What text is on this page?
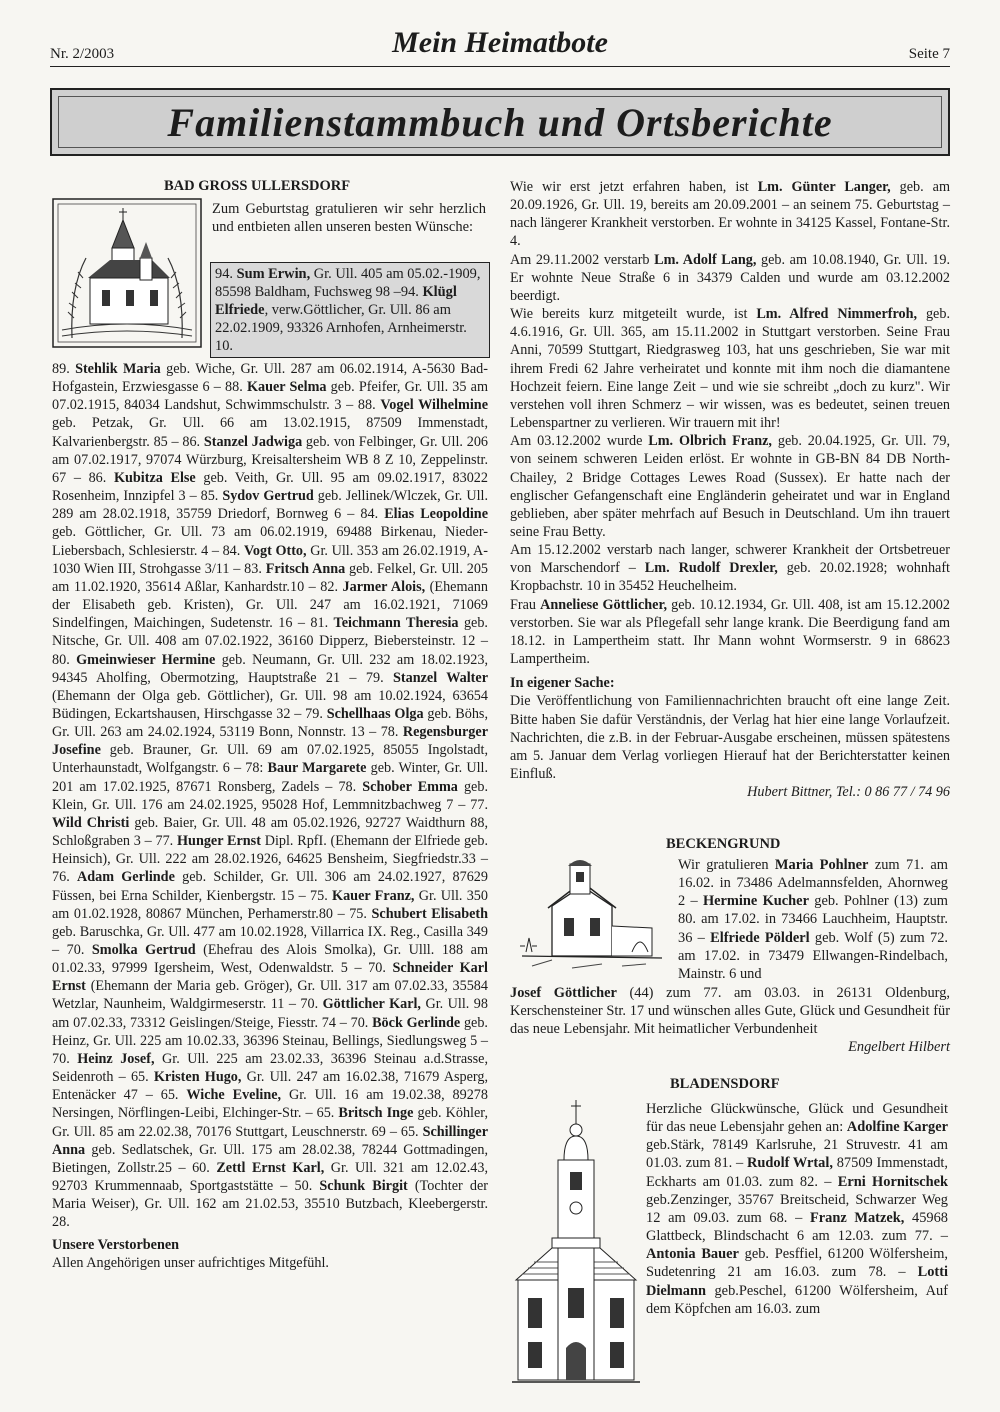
Nr. 2/2003	Mein Heimatbote	Seite 7
Familienstammbuch und Ortsberichte
BAD GROSS ULLERSDORF
Zum Geburtstag gratulieren wir sehr herzlich und entbieten allen unseren besten Wünsche:
94. Sum Erwin, Gr. Ull. 405 am 05.02.-1909, 85598 Baldham, Fuchsweg 98 –94. Klügl Elfriede, verw.Göttlicher, Gr. Ull. 86 am 22.02.1909, 93326 Arnhofen, Arnheimerstr. 10.

89. Stehlik Maria geb. Wiche, Gr. Ull. 287 am 06.02.1914, A-5630 Bad-Hofgastein, Erzwiesgasse 6 – 88. Kauer Selma geb. Pfeifer, Gr. Ull. 35 am 07.02.1915, 84034 Landshut, Schwimmschulstr. 3 – 88. Vogel Wilhelmine geb. Petzak, Gr. Ull. 66 am 13.02.1915, 87509 Immenstadt, Kalvarienbergstr. 85 – 86. Stanzel Jadwiga geb. von Felbinger, Gr. Ull. 206 am 07.02.1917, 97074 Würzburg, Kreisaltersheim WB 8 Z 10, Zeppelinstr. 67 – 86. Kubitza Else geb. Veith, Gr. Ull. 95 am 09.02.1917, 83022 Rosenheim, Innzipfel 3 – 85. Sydov Gertrud geb. Jellinek/Wlczek, Gr. Ull. 289 am 28.02.1918, 35759 Driedorf, Bornweg 6 – 84. Elias Leopoldine geb. Göttlicher, Gr. Ull. 73 am 06.02.1919, 69488 Birkenau, Nieder-Liebersbach, Schlesierstr. 4 – 84. Vogt Otto, Gr. Ull. 353 am 26.02.1919, A-1030 Wien III, Strohgasse 3/11 – 83. Fritsch Anna geb. Felkel, Gr. Ull. 205 am 11.02.1920, 35614 Aßlar, Kanhardstr.10 – 82. Jarmer Alois, (Ehemann der Elisabeth geb. Kristen), Gr. Ull. 247 am 16.02.1921, 71069 Sindelfingen, Maichingen, Sudetenstr. 16 – 81. Teichmann Theresia geb. Nitsche, Gr. Ull. 408 am 07.02.1922, 36160 Dipperz, Biebersteinstr. 12 – 80. Gmeinwieser Hermine geb. Neumann, Gr. Ull. 232 am 18.02.1923, 94345 Aholfing, Obermotzing, Hauptstraße 21 – 79. Stanzel Walter (Ehemann der Olga geb. Göttlicher), Gr. Ull. 98 am 10.02.1924, 63654 Büdingen, Eckartshausen, Hirschgasse 32 – 79. Schellhaas Olga geb. Böhs, Gr. Ull. 263 am 24.02.1924, 53119 Bonn, Nonnstr. 13 – 78. Regensburger Josefine geb. Brauner, Gr. Ull. 69 am 07.02.1925, 85055 Ingolstadt, Unterhaunstadt, Wolfgangstr. 6 – 78: Baur Margarete geb. Winter, Gr. Ull. 201 am 17.02.1925, 87671 Ronsberg, Zadels – 78. Schober Emma geb. Klein, Gr. Ull. 176 am 24.02.1925, 95028 Hof, Lemmnitzbachweg 7 – 77. Wild Christi geb. Baier, Gr. Ull. 48 am 05.02.1926, 92727 Waidthurn 88, Schloßgraben 3 – 77. Hunger Ernst Dipl. RpfI. (Ehemann der Elfriede geb. Heinsich), Gr. Ull. 222 am 28.02.1926, 64625 Bensheim, Siegfriedstr.33 – 76. Adam Gerlinde geb. Schilder, Gr. Ull. 306 am 24.02.1927, 87629 Füssen, bei Erna Schilder, Kienbergstr. 15 – 75. Kauer Franz, Gr. Ull. 350 am 01.02.1928, 80867 München, Perhamerstr.80 – 75. Schubert Elisabeth geb. Baruschka, Gr. Ull. 477 am 10.02.1928, Villarrica IX. Reg., Casilla 349 – 70. Smolka Gertrud (Ehefrau des Alois Smolka), Gr. Ulll. 188 am 01.02.33, 97999 Igersheim, West, Odenwaldstr. 5 – 70. Schneider Karl Ernst (Ehemann der Maria geb. Gröger), Gr. Ull. 317 am 07.02.33, 35584 Wetzlar, Naunheim, Waldgirmeserstr. 11 – 70. Göttlicher Karl, Gr. Ull. 98 am 07.02.33, 73312 Geislingen/Steige, Fiesstr. 74 – 70. Böck Gerlinde geb. Heinz, Gr. Ull. 225 am 10.02.33, 36396 Steinau, Bellings, Siedlungsweg 5 – 70. Heinz Josef, Gr. Ull. 225 am 23.02.33, 36396 Steinau a.d.Strasse, Seidenroth – 65. Kristen Hugo, Gr. Ull. 247 am 16.02.38, 71679 Asperg, Entenäcker 47 – 65. Wiche Eveline, Gr. Ull. 16 am 19.02.38, 89278 Nersingen, Nörflingen-Leibi, Elchinger-Str. – 65. Britsch Inge geb. Köhler, Gr. Ull. 85 am 22.02.38, 70176 Stuttgart, Leuschnerstr. 69 – 65. Schillinger Anna geb. Sedlatschek, Gr. Ull. 175 am 28.02.38, 78244 Gottmadingen, Bietingen, Zollstr.25 – 60. Zettl Ernst Karl, Gr. Ull. 321 am 12.02.43, 92703 Krummennaab, Sportgaststätte – 50. Schunk Birgit (Tochter der Maria Weiser), Gr. Ull. 162 am 21.02.53, 35510 Butzbach, Kleebergerstr. 28.

Unsere Verstorbenen

Allen Angehörigen unser aufrichtiges Mitgefühl.

Wie wir erst jetzt erfahren haben, ist Lm. Günter Langer, geb. am 20.09.1926, Gr. Ull. 19, bereits am 20.09.2001 – an seinem 75. Geburtstag – nach längerer Krankheit verstorben. Er wohnte in 34125 Kassel, Fontane-Str. 4.

Am 29.11.2002 verstarb Lm. Adolf Lang, geb. am 10.08.1940, Gr. Ull. 19. Er wohnte Neue Straße 6 in 34379 Calden und wurde am 03.12.2002 beerdigt.

Wie bereits kurz mitgeteilt wurde, ist Lm. Alfred Nimmerfroh, geb. 4.6.1916, Gr. Ull. 365, am 15.11.2002 in Stuttgart verstorben. Seine Frau Anni, 70599 Stuttgart, Riedgrasweg 103, hat uns geschrieben, Sie war mit ihrem Fredi 62 Jahre verheiratet und konnte mit ihm noch die diamantene Hochzeit feiern. Eine lange Zeit – und wie sie schreibt „doch zu kurz". Wir verstehen voll ihren Schmerz – wir wissen, was es bedeutet, seinen treuen Lebenspartner zu verlieren. Wir trauern mit ihr!

Am 03.12.2002 wurde Lm. Olbrich Franz, geb. 20.04.1925, Gr. Ull. 79, von seinem schweren Leiden erlöst. Er wohnte in GB-BN 84 DB North-Chailey, 2 Bridge Cottages Lewes Road (Sussex). Er hatte nach der englischer Gefangenschaft eine Engländerin geheiratet und war in England geblieben, aber später mehrfach auf Besuch in Deutschland. Um ihn trauert seine Frau Betty.

Am 15.12.2002 verstarb nach langer, schwerer Krankheit der Ortsbetreuer von Marschendorf – Lm. Rudolf Drexler, geb. 20.02.1928; wohnhaft Kropbachstr. 10 in 35452 Heuchelheim.

Frau Anneliese Göttlicher, geb. 10.12.1934, Gr. Ull. 408, ist am 15.12.2002 verstorben. Sie war als Pflegefall sehr lange krank. Die Beerdigung fand am 18.12. in Lampertheim statt. Ihr Mann wohnt Wormserstr. 9 in 68623 Lampertheim.

In eigener Sache:

Die Veröffentlichung von Familiennachrichten braucht oft eine lange Zeit. Bitte haben Sie dafür Verständnis, der Verlag hat hier eine lange Vorlaufzeit. Nachrichten, die z.B. in der Februar-Ausgabe erscheinen, müssen spätestens am 5. Januar dem Verlag vorliegen Hierauf hat der Berichterstatter keinen Einfluß.

Hubert Bittner, Tel.: 0 86 77 / 74 96

BECKENGRUND
Wir gratulieren Maria Pohlner zum 71. am 16.02. in 73486 Adelmannsfelden, Ahornweg 2 – Hermine Kucher geb. Pohlner (13) zum 80. am 17.02. in 73466 Lauchheim, Hauptstr. 36 – Elfriede Pölderl geb. Wolf (5) zum 72. am 17.02. in 73479 Ellwangen-Rindelbach, Mainstr. 6 und

Josef Göttlicher (44) zum 77. am 03.03. in 26131 Oldenburg, Kerschensteiner Str. 17 und wünschen alles Gute, Glück und Gesundheit für das neue Lebensjahr. Mit heimatlicher Verbundenheit

Engelbert Hilbert

BLADENSDORF
Herzliche Glückwünsche, Glück und Gesundheit für das neue Lebensjahr gehen an: Adolfine Karger geb.Stärk, 78149 Karlsruhe, 21 Struvestr. 41 am 01.03. zum 81. – Rudolf Wrtal, 87509 Immenstadt, Eckharts am 01.03. zum 82. – Erni Hornitschek geb.Zenzinger, 35767 Breitscheid, Schwarzer Weg 12 am 09.03. zum 68. – Franz Matzek, 45968 Glattbeck, Blindschacht 6 am 12.03. zum 77. – Antonia Bauer geb. Pesffiel, 61200 Wölfersheim, Sudetenring 21 am 16.03. zum 78. – Lotti Dielmann geb.Peschel, 61200 Wölfersheim, Auf dem Köpfchen am 16.03. zum
